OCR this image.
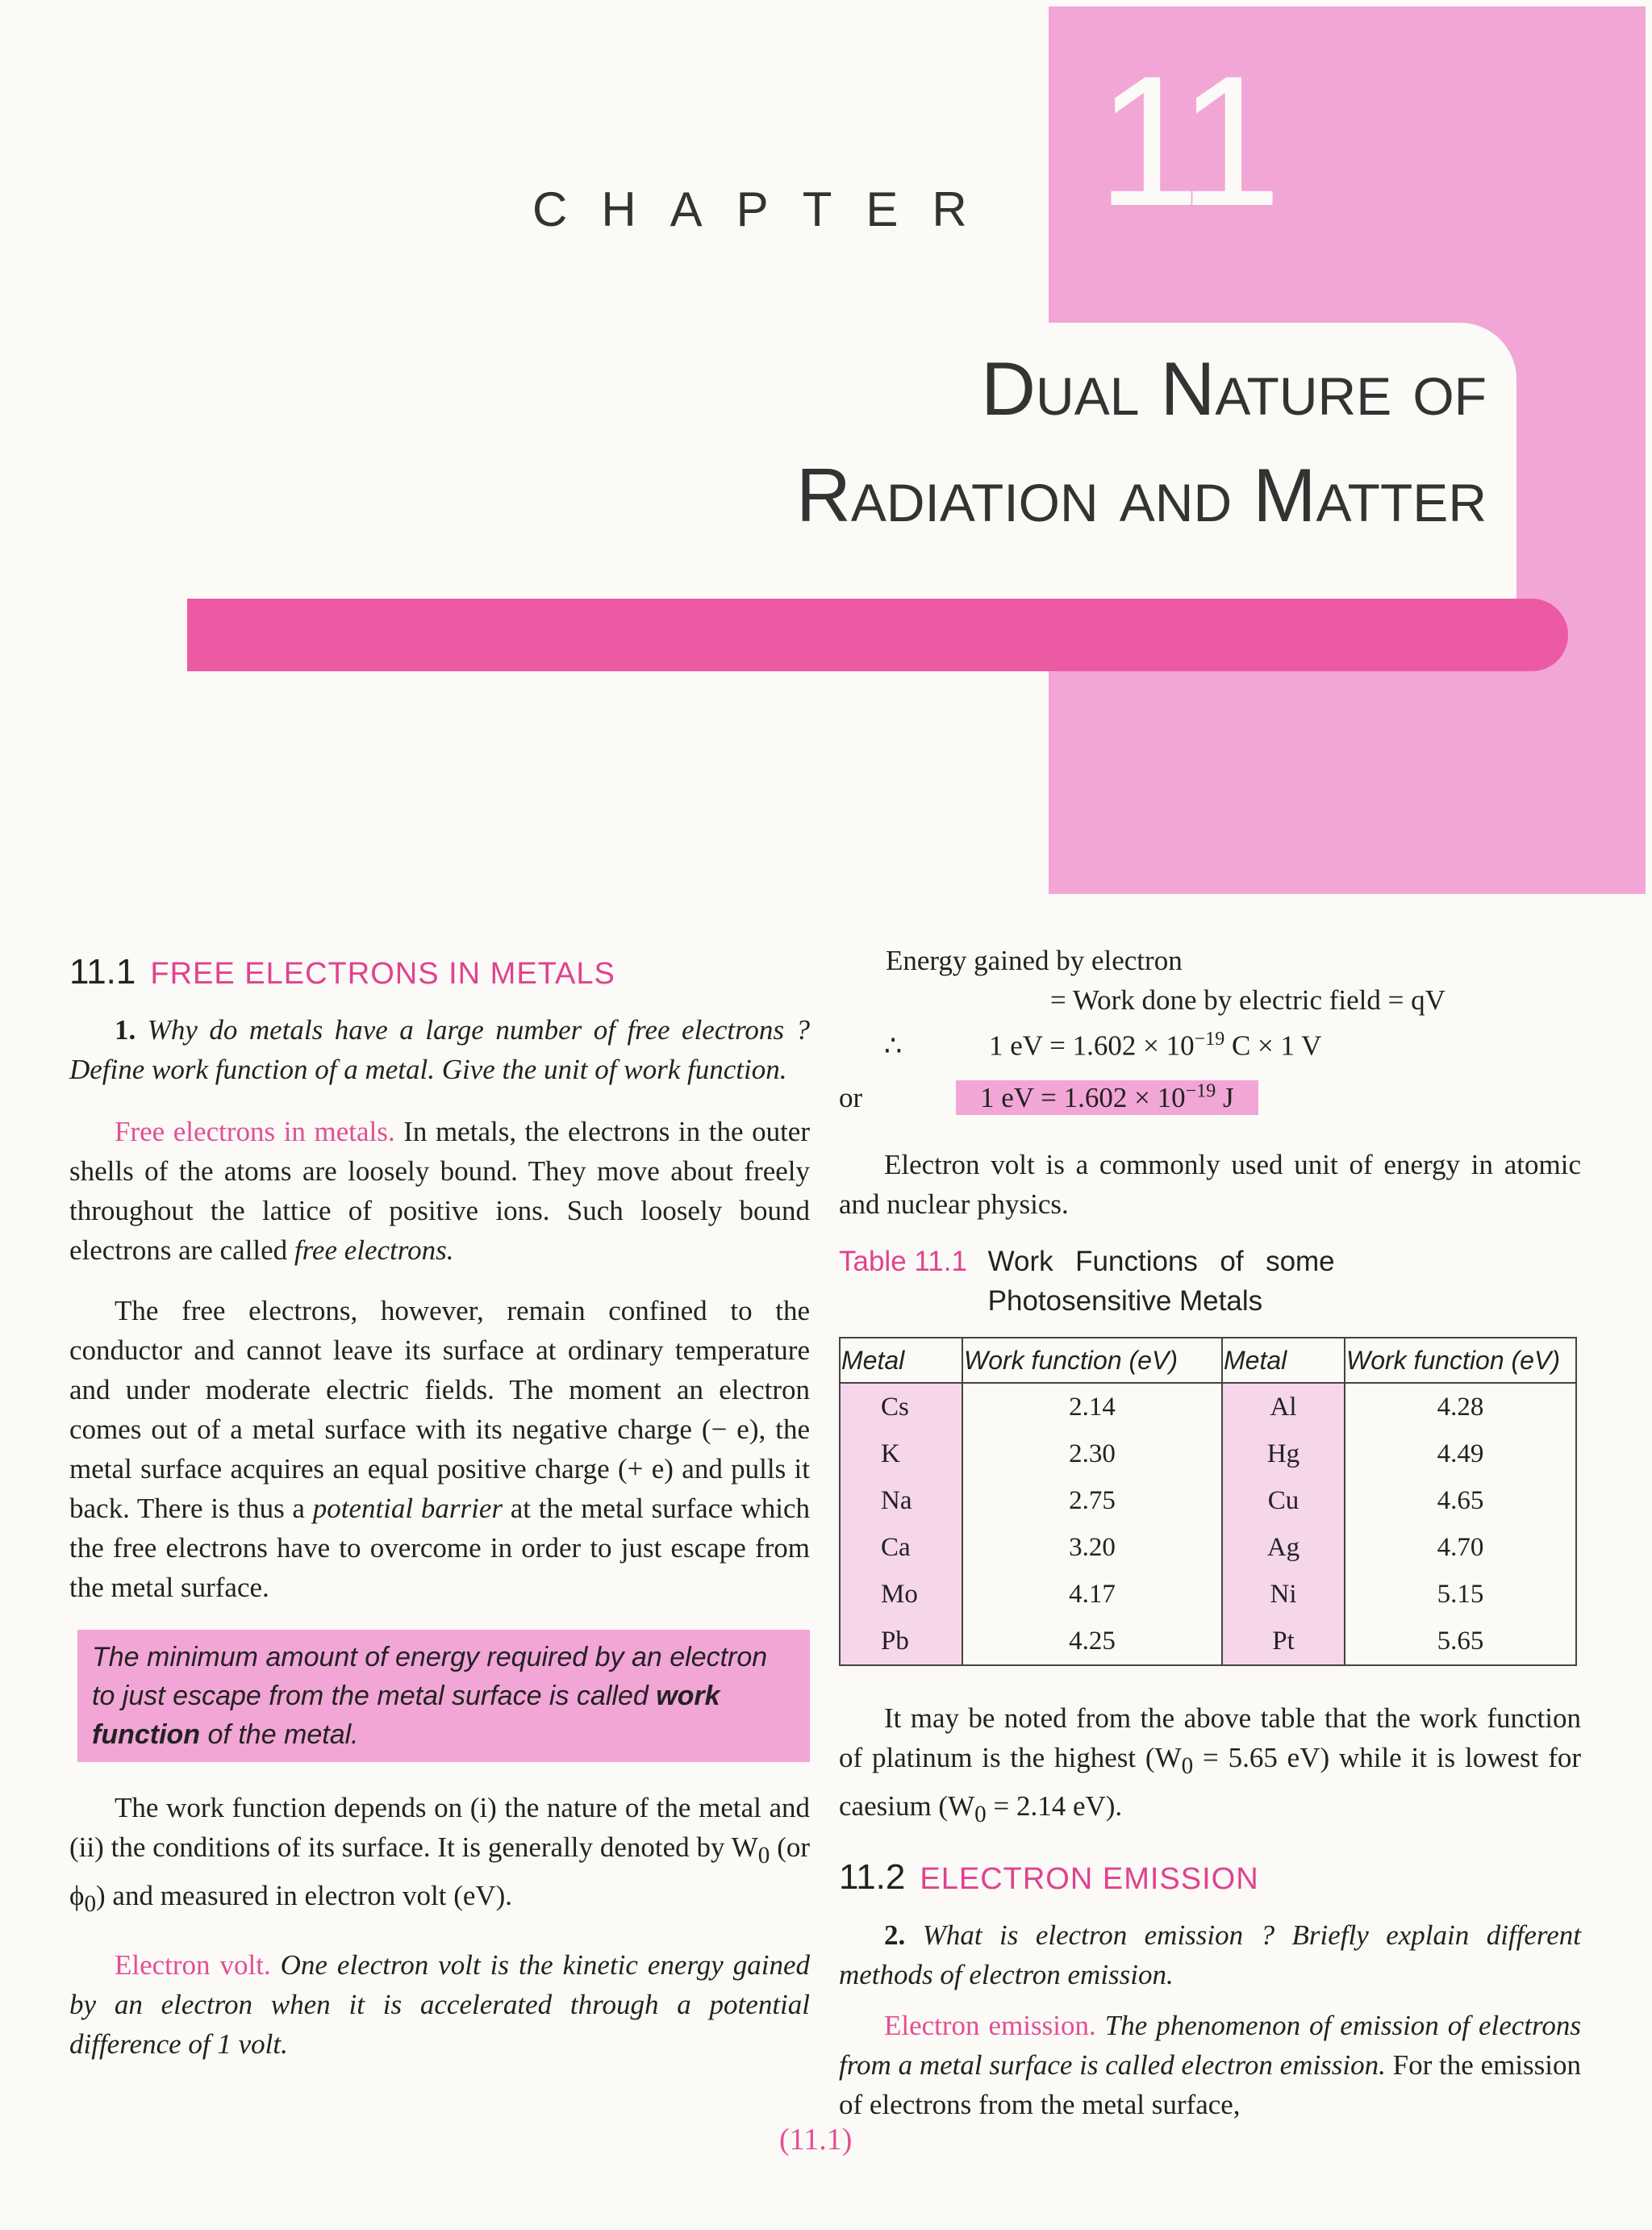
11
CHAPTER
Dual Nature of
Radiation and Matter
11.1 FREE ELECTRONS IN METALS

1. Why do metals have a large number of free electrons ? Define work function of a metal. Give the unit of work function.

Free electrons in metals. In metals, the electrons in the outer shells of the atoms are loosely bound. They move about freely throughout the lattice of positive ions. Such loosely bound electrons are called free electrons.

The free electrons, however, remain confined to the conductor and cannot leave its surface at ordinary temperature and under moderate electric fields. The moment an electron comes out of a metal surface with its negative charge (− e), the metal surface acquires an equal positive charge (+ e) and pulls it back. There is thus a potential barrier at the metal surface which the free electrons have to overcome in order to just escape from the metal surface.

The minimum amount of energy required by an electron to just escape from the metal surface is called work function of the metal.

The work function depends on (i) the nature of the metal and (ii) the conditions of its surface. It is generally denoted by $W_0$ (or $\phi_0$) and measured in electron volt (eV).

Electron volt. One electron volt is the kinetic energy gained by an electron when it is accelerated through a potential difference of 1 volt.

Energy gained by electron

= Work done by electric field = qV

∴	1 eV = $1.602 \times 10^{-19}$ C × 1 V

or	1 eV = $1.602 \times 10^{-19}$ J

Electron volt is a commonly used unit of energy in atomic and nuclear physics.

Table 11.1 Work Functions of some Photosensitive Metals
Metal	Work function (eV)	Metal	Work function (eV)
Cs	2.14	Al	4.28
K	2.30	Hg	4.49
Na	2.75	Cu	4.65
Ca	3.20	Ag	4.70
Mo	4.17	Ni	5.15
Pb	4.25	Pt	5.65

It may be noted from the above table that the work function of platinum is the highest ($W_0 = 5.65$ eV) while it is lowest for caesium ($W_0 = 2.14$ eV).

11.2 ELECTRON EMISSION

2. What is electron emission ? Briefly explain different methods of electron emission.

Electron emission. The phenomenon of emission of electrons from a metal surface is called electron emission. For the emission of electrons from the metal surface,

(11.1)
